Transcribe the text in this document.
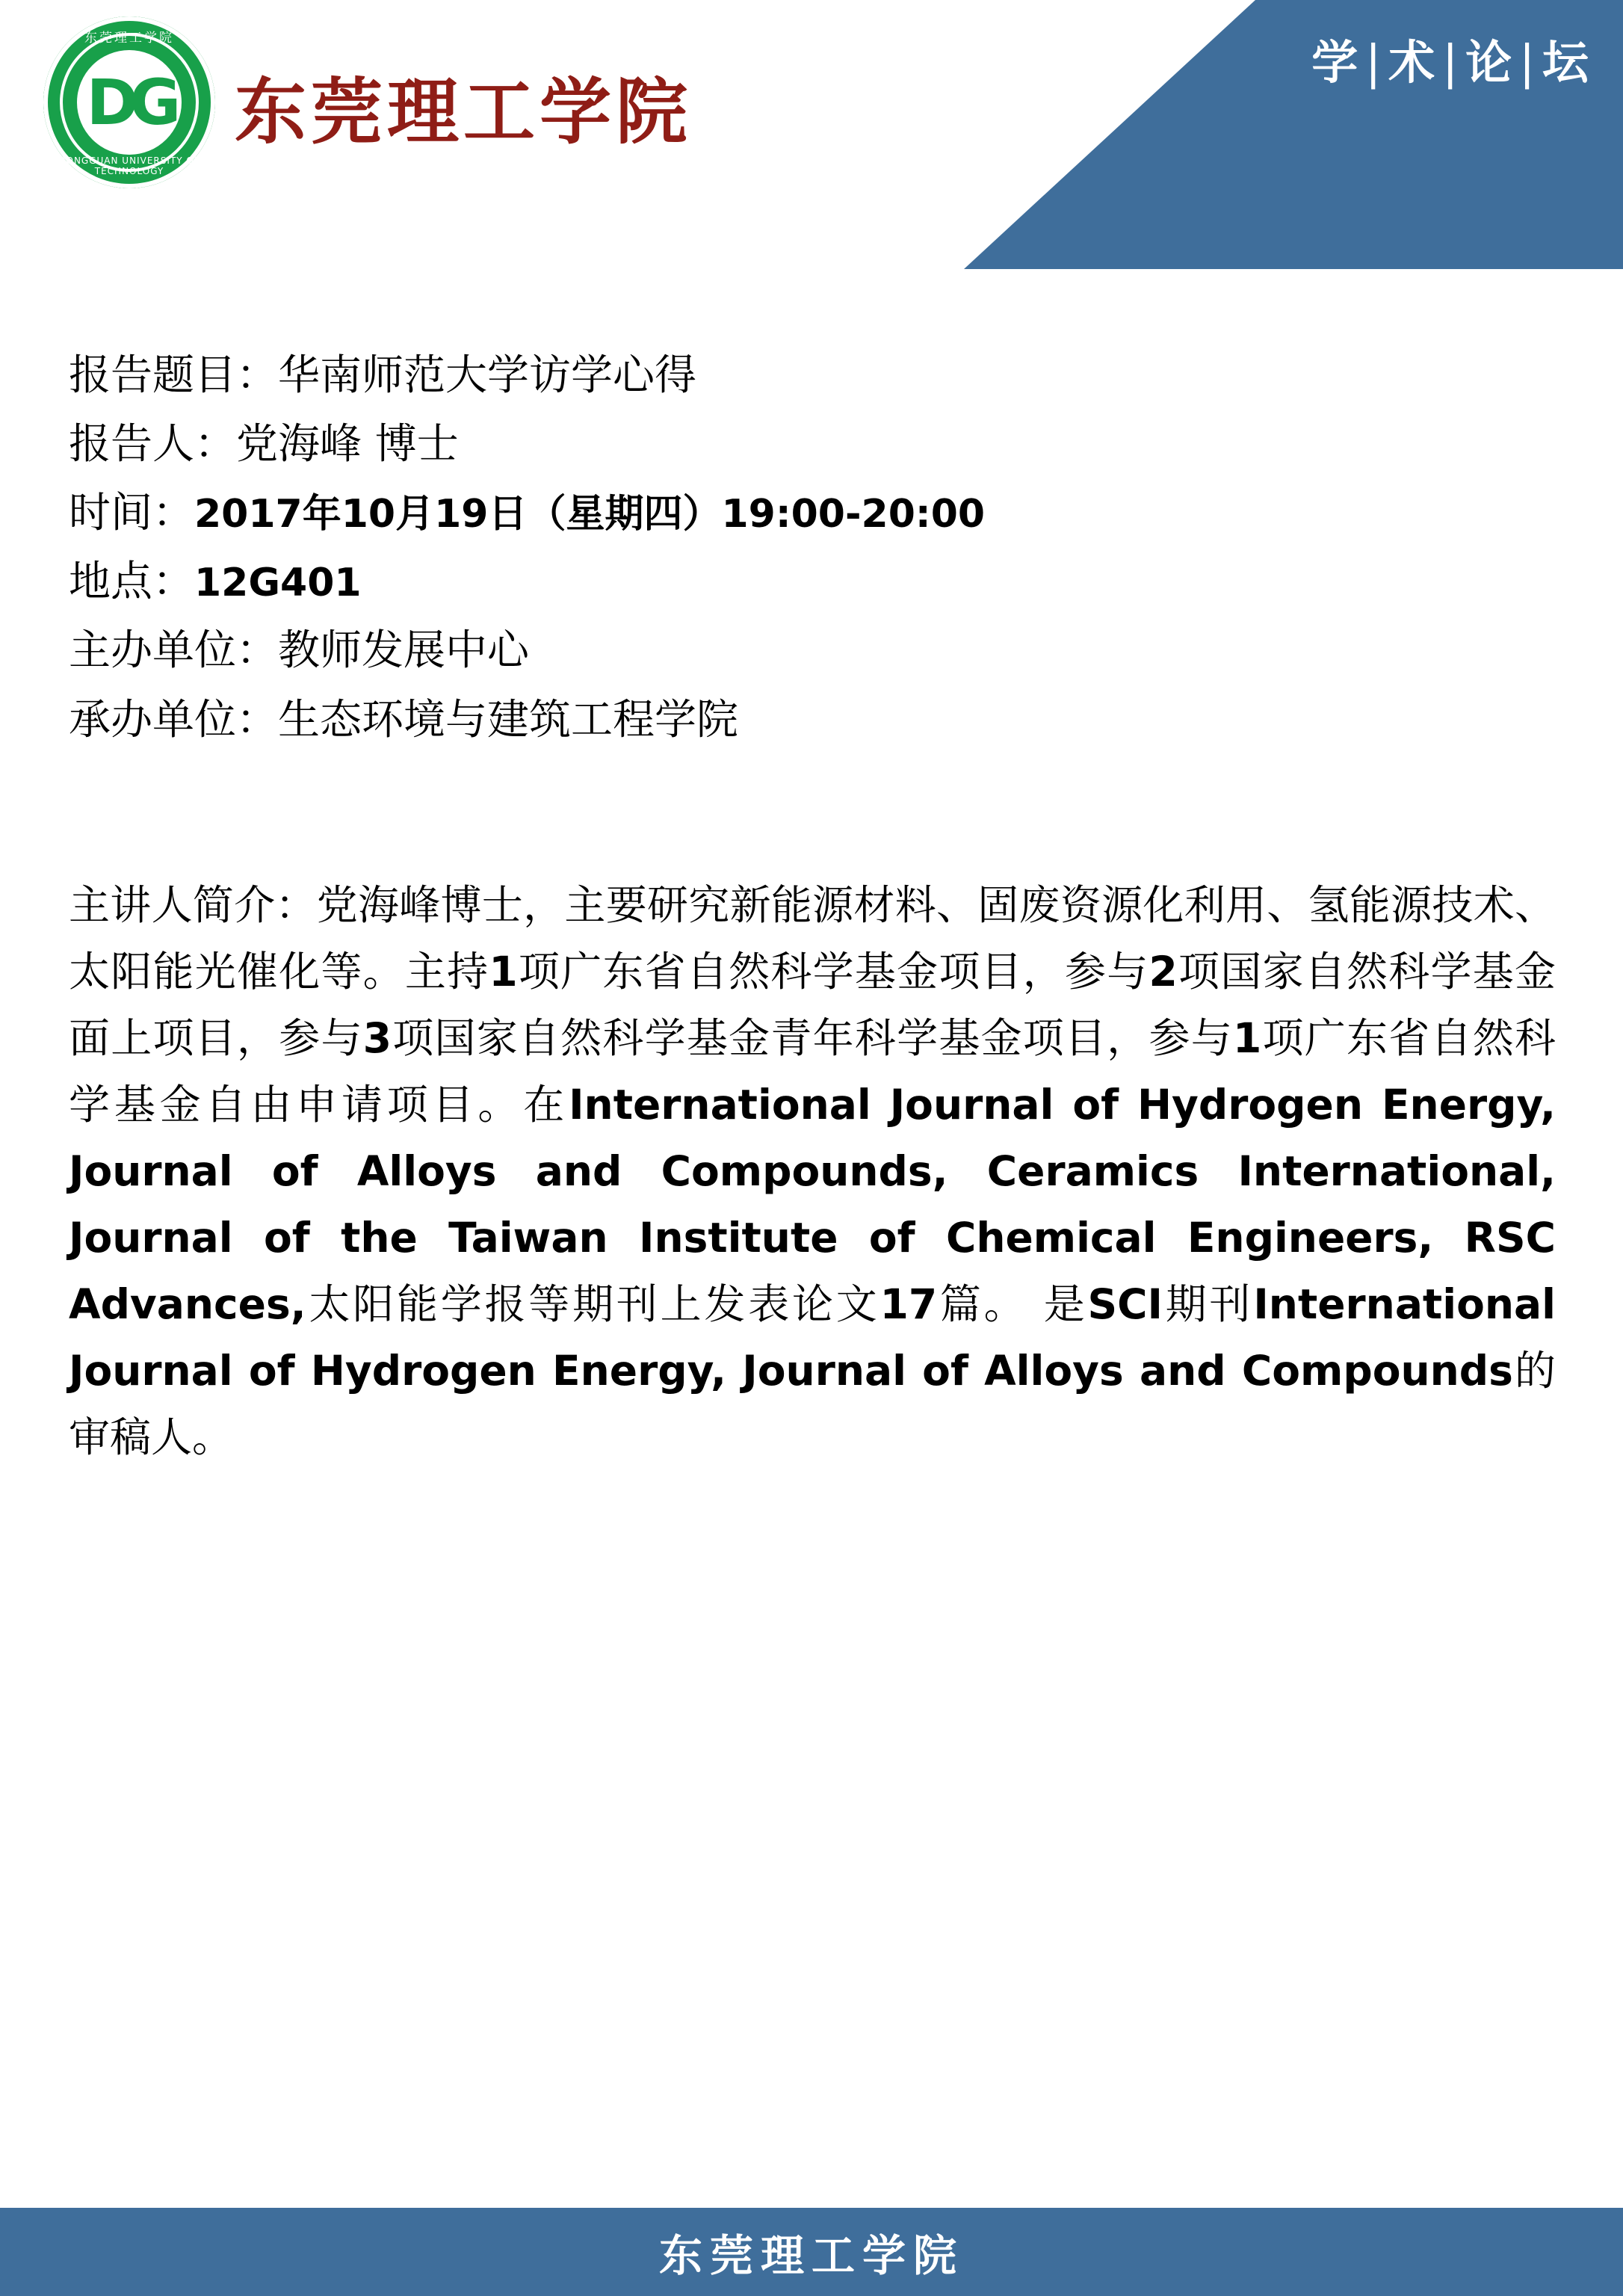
学|术|论|坛
东莞理工学院
DG
DONGGUAN UNIVERSITY OF TECHNOLOGY
东莞理工学院
报告题目：华南师范大学访学心得
报告人：党海峰 博士
时间：2017年10月19日（星期四）19:00-20:00
地点：12G401
主办单位：教师发展中心
承办单位：生态环境与建筑工程学院
主讲人简介：党海峰博士，主要研究新能源材料、固废资源化利用、氢能源技术、太阳能光催化等。主持1项广东省自然科学基金项目，参与2项国家自然科学基金面上项目，参与3项国家自然科学基金青年科学基金项目，参与1项广东省自然科学基金自由申请项目。在International Journal of Hydrogen Energy, Journal of Alloys and Compounds, Ceramics International, Journal of the Taiwan Institute of Chemical Engineers, RSC Advances,太阳能学报等期刊上发表论文17篇。 是SCI期刊International Journal of Hydrogen Energy, Journal of Alloys and Compounds的审稿人。
东莞理工学院
